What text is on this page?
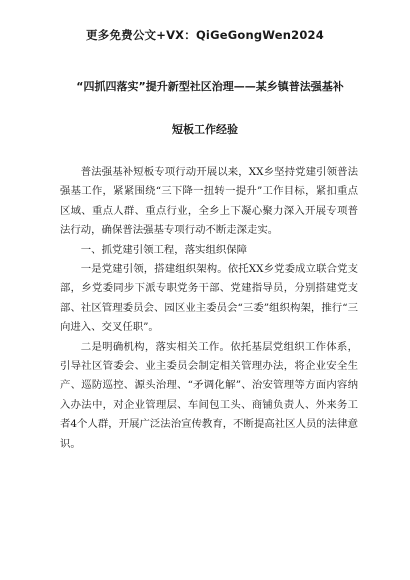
更多免费公文+VX：QiGeGongWen2024
“四抓四落实”提升新型社区治理——某乡镇普法强基补
短板工作经验

普法强基补短板专项行动开展以来，XX乡坚持党建引领普法强基工作，紧紧围绕“三下降一扭转一提升”工作目标，紧扣重点区域、重点人群、重点行业，全乡上下凝心聚力深入开展专项普法行动，确保普法强基专项行动不断走深走实。

一、抓党建引领工程，落实组织保障

一是党建引领，搭建组织架构。依托XX乡党委成立联合党支部，乡党委同步下派专职党务干部、党建指导员，分别搭建党支部、社区管理委员会、园区业主委员会“三委”组织构架，推行“三向进入、交叉任职”。

二是明确机构，落实相关工作。依托基层党组织工作体系，引导社区管委会、业主委员会制定相关管理办法，将企业安全生产、巡防巡控、源头治理、“矛调化解”、治安管理等方面内容纳入办法中，对企业管理层、车间包工头、商铺负责人、外来务工者4个人群，开展广泛法治宣传教育，不断提高社区人员的法律意识。
